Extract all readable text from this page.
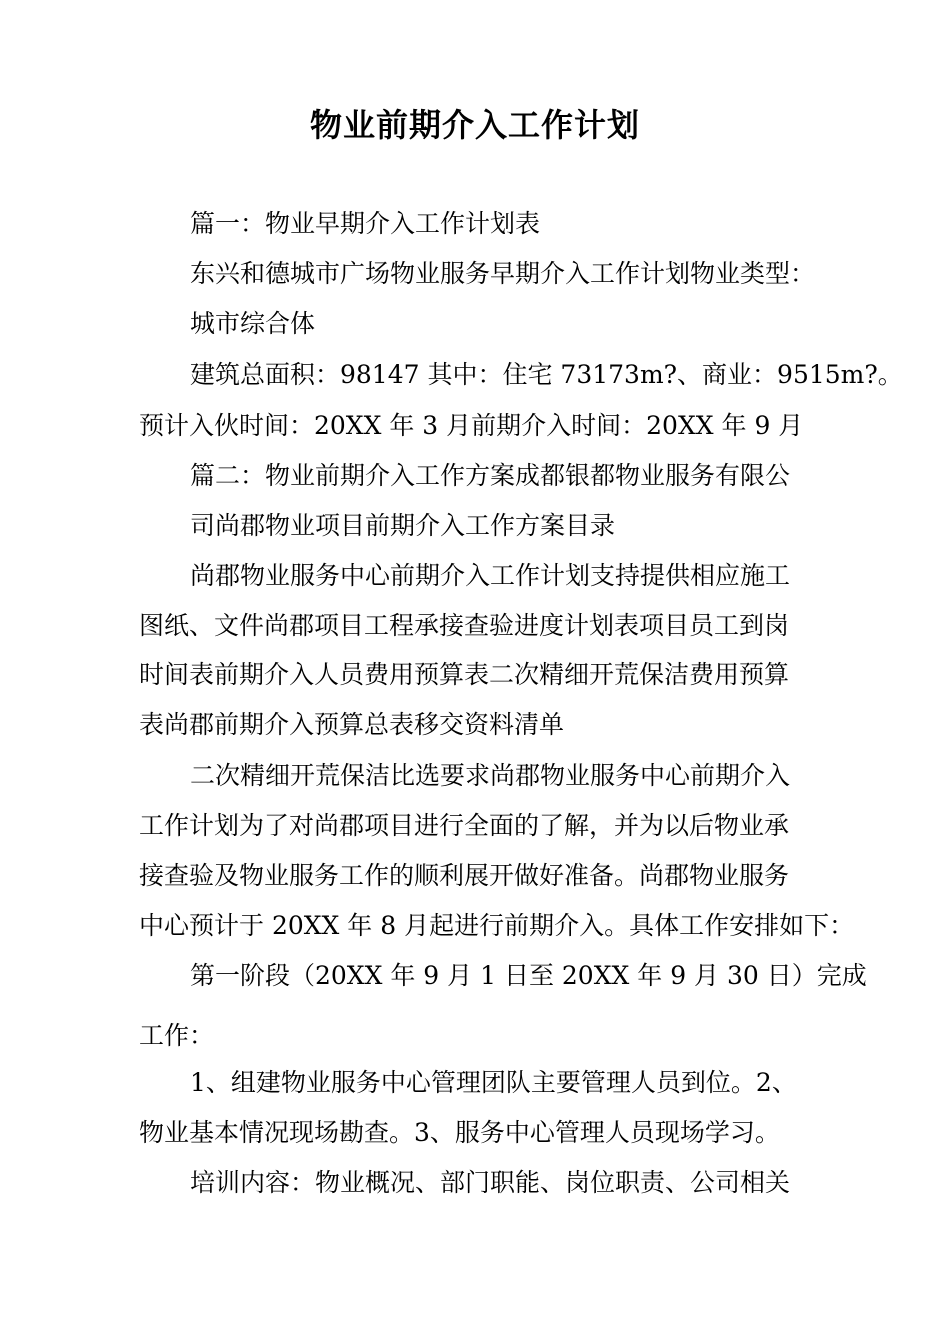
物业前期介入工作计划

篇一：物业早期介入工作计划表

东兴和德城市广场物业服务早期介入工作计划物业类型：

城市综合体

建筑总面积：98147 其中：住宅 73173m?、商业：9515m?。

预计入伙时间：20XX 年 3 月前期介入时间：20XX 年 9 月

篇二：物业前期介入工作方案成都银都物业服务有限公

司尚郡物业项目前期介入工作方案目录

尚郡物业服务中心前期介入工作计划支持提供相应施工

图纸、文件尚郡项目工程承接查验进度计划表项目员工到岗

时间表前期介入人员费用预算表二次精细开荒保洁费用预算

表尚郡前期介入预算总表移交资料清单

二次精细开荒保洁比选要求尚郡物业服务中心前期介入

工作计划为了对尚郡项目进行全面的了解，并为以后物业承

接查验及物业服务工作的顺利展开做好准备。尚郡物业服务

中心预计于 20XX 年 8 月起进行前期介入。具体工作安排如下：

第一阶段（20XX 年 9 月 1 日至 20XX 年 9 月 30 日）完成

工作：

1、组建物业服务中心管理团队主要管理人员到位。2、

物业基本情况现场勘查。3、服务中心管理人员现场学习。

培训内容：物业概况、部门职能、岗位职责、公司相关
